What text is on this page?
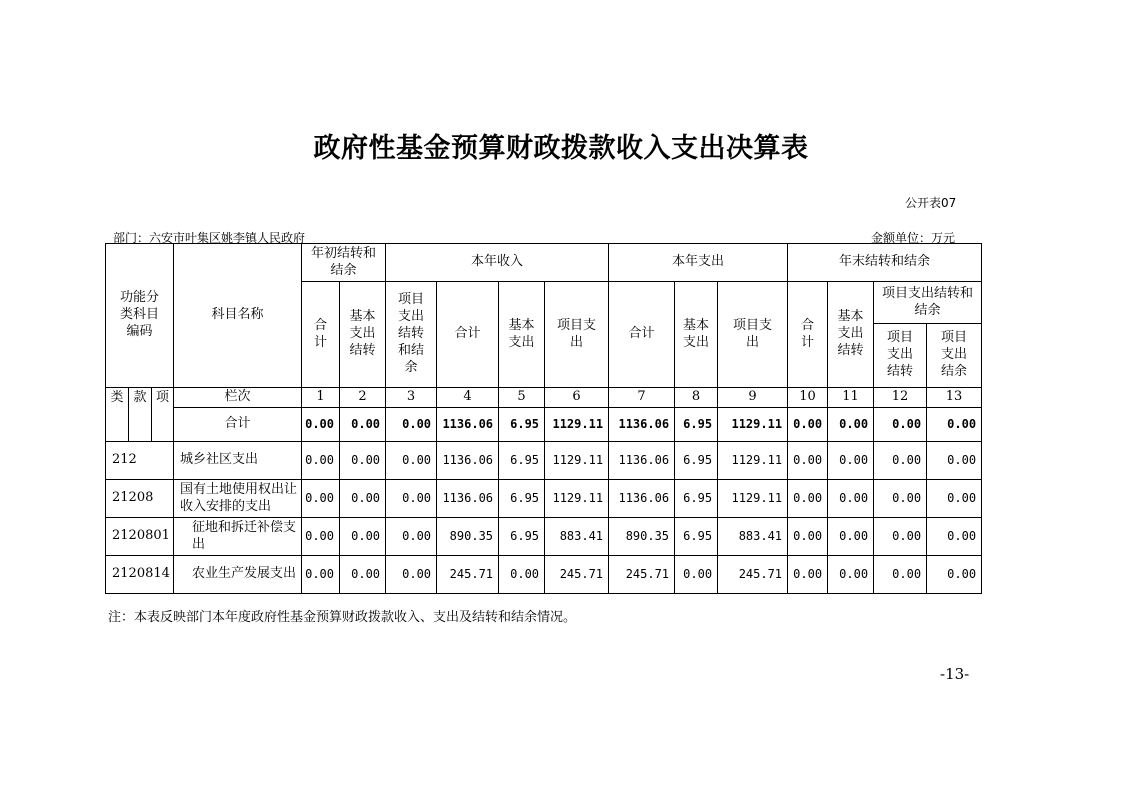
政府性基金预算财政拨款收入支出决算表
公开表07
部门：六安市叶集区姚李镇人民政府	金额单位：万元
功能分类科目编码			科目名称	年初结转和结余		本年收入				本年支出			年末结转和结余			

				合计	基本支出结转	项目支出结转和结余	合计	基本支出	项目支出	合计	基本支出	项目支出	合计	基本支出结转	项目支出结转和结余	

															项目支出结转	项目支出结余

类	款	项	栏次	1	2	3	4	5	6	7	8	9	10	11	12	13
			合计	0.00	0.00	0.00	1136.06	6.95	1129.11	1136.06	6.95	1129.11	0.00	0.00	0.00	0.00
212			城乡社区支出	0.00	0.00	0.00	1136.06	6.95	1129.11	1136.06	6.95	1129.11	0.00	0.00	0.00	0.00
21208			国有土地使用权出让收入安排的支出	0.00	0.00	0.00	1136.06	6.95	1129.11	1136.06	6.95	1129.11	0.00	0.00	0.00	0.00
2120801			征地和拆迁补偿支出	0.00	0.00	0.00	890.35	6.95	883.41	890.35	6.95	883.41	0.00	0.00	0.00	0.00
2120814			农业生产发展支出	0.00	0.00	0.00	245.71	0.00	245.71	245.71	0.00	245.71	0.00	0.00	0.00	0.00
注：本表反映部门本年度政府性基金预算财政拨款收入、支出及结转和结余情况。
-13-
